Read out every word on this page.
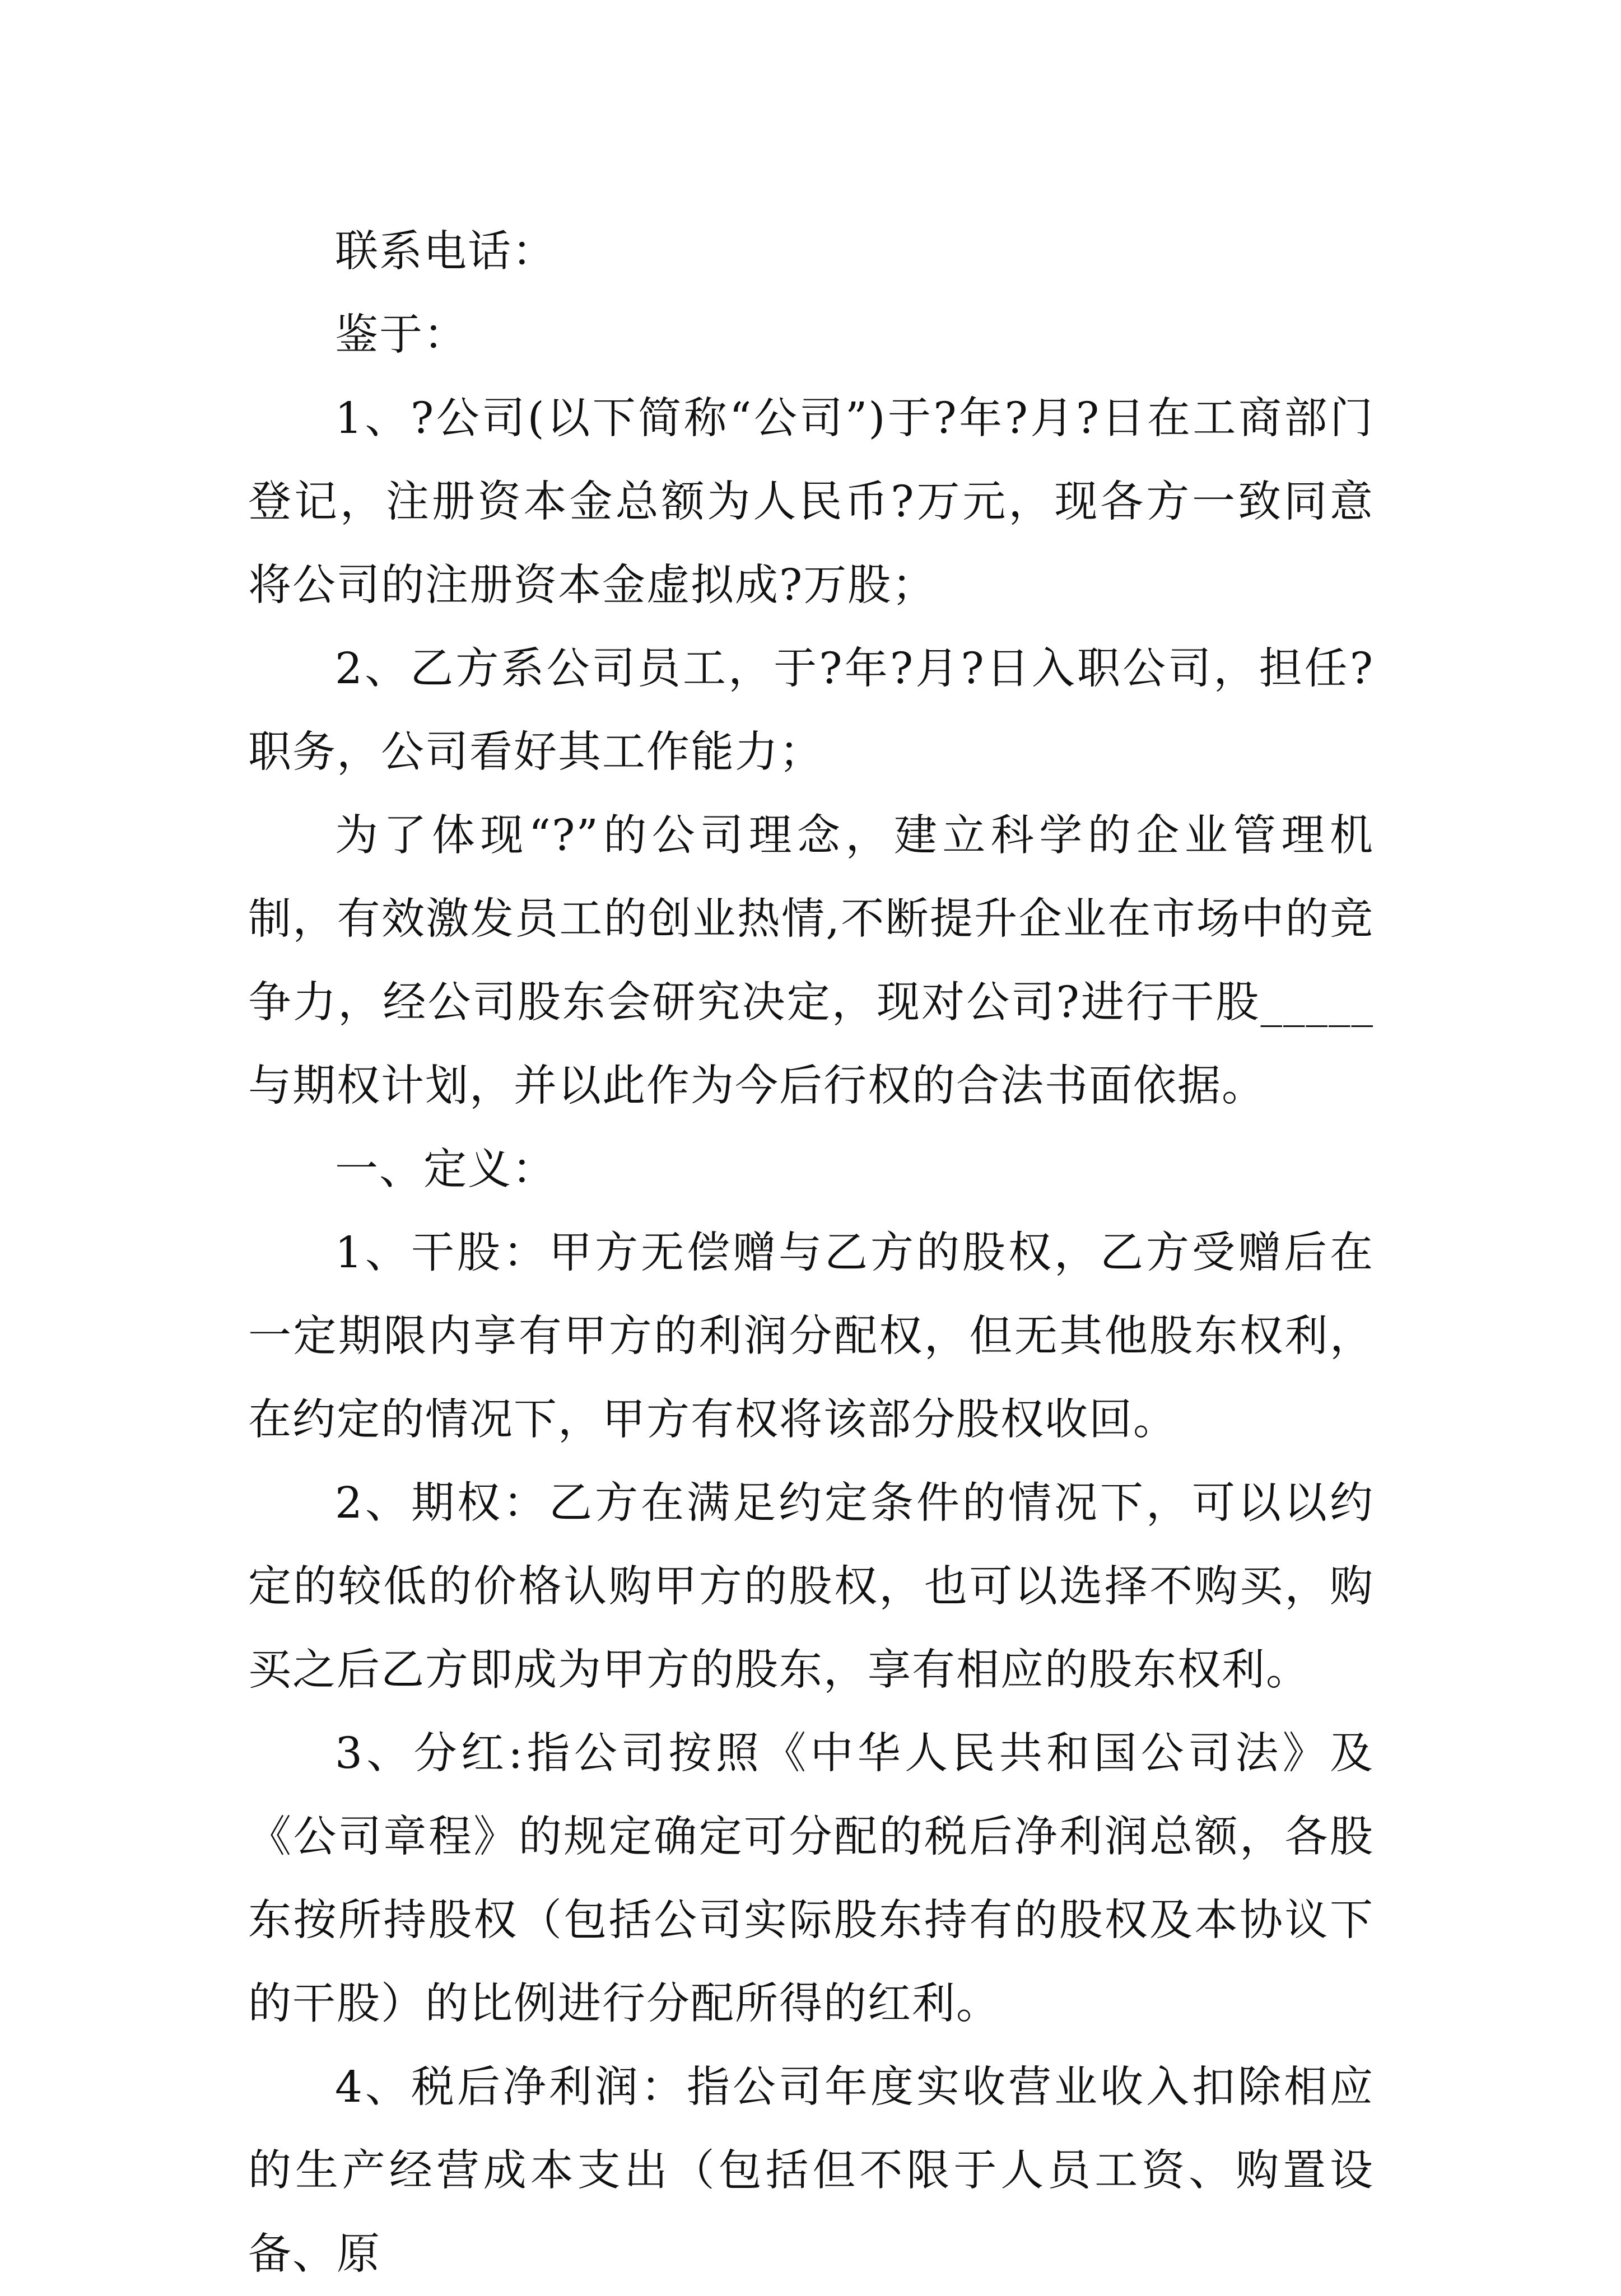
联系电话：

鉴于：

1、?公司(以下简称“公司”)于?年?月?日在工商部门登记，注册资本金总额为人民币?万元，现各方一致同意将公司的注册资本金虚拟成?万股；

2、乙方系公司员工，于?年?月?日入职公司，担任?职务，公司看好其工作能力；

为了体现“?”的公司理念，建立科学的企业管理机制，有效激发员工的创业热情,不断提升企业在市场中的竞争力，经公司股东会研究决定，现对公司?进行干股_____与期权计划，并以此作为今后行权的合法书面依据。

一、定义：

1、干股：甲方无偿赠与乙方的股权，乙方受赠后在一定期限内享有甲方的利润分配权，但无其他股东权利，在约定的情况下，甲方有权将该部分股权收回。

2、期权：乙方在满足约定条件的情况下，可以以约定的较低的价格认购甲方的股权，也可以选择不购买，购买之后乙方即成为甲方的股东，享有相应的股东权利。

3、分红:指公司按照《中华人民共和国公司法》及《公司章程》的规定确定可分配的税后净利润总额，各股东按所持股权（包括公司实际股东持有的股权及本协议下的干股）的比例进行分配所得的红利。

4、税后净利润：指公司年度实收营业收入扣除相应的生产经营成本支出（包括但不限于人员工资、购置设备、原
